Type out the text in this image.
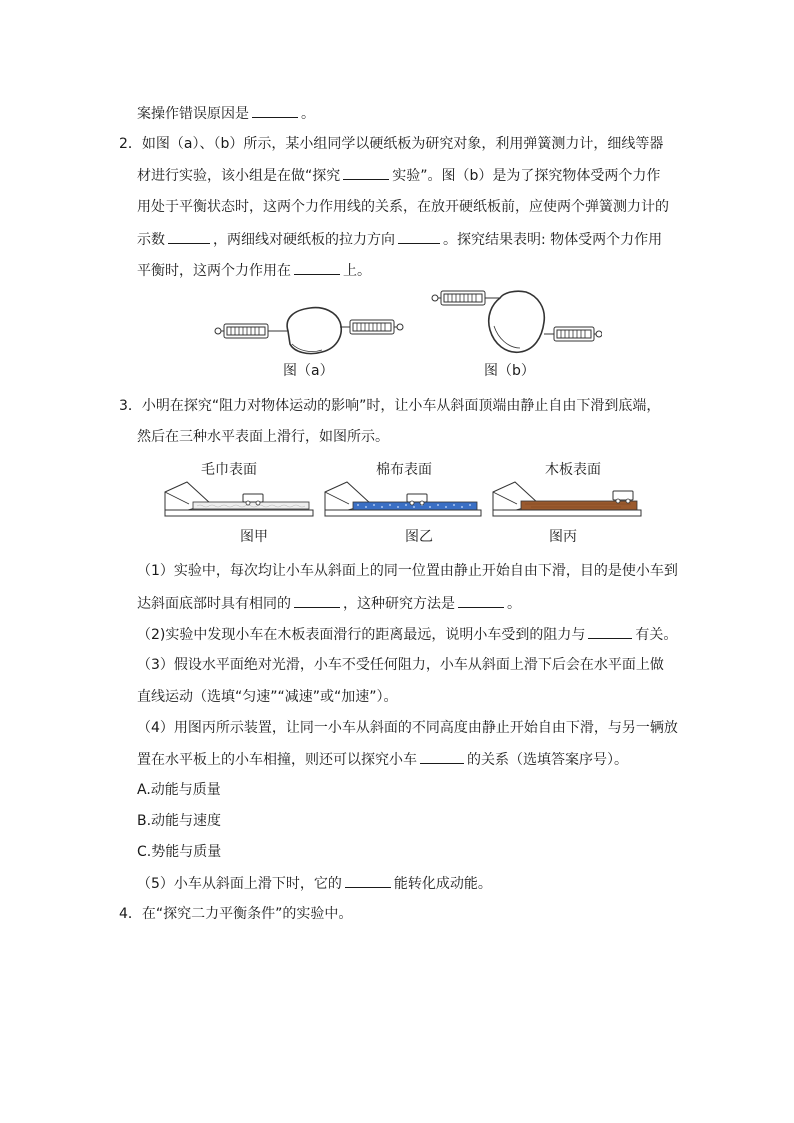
案操作错误原因是	。
2．如图（a）、（b）所示，某小组同学以硬纸板为研究对象，利用弹簧测力计，细线等器
材进行实验，该小组是在做“探究	实验”。图（b）是为了探究物体受两个力作
用处于平衡状态时，这两个力作用线的关系，在放开硬纸板前，应使两个弹簧测力计的
示数	，两细线对硬纸板的拉力方向	。探究结果表明: 物体受两个力作用
平衡时，这两个力作用在	上。
图（a）	图（b）
3．小明在探究“阻力对物体运动的影响”时，让小车从斜面顶端由静止自由下滑到底端，
然后在三种水平表面上滑行，如图所示。
毛巾表面	棉布表面	木板表面
图甲	图乙	图丙
（1）实验中，每次均让小车从斜面上的同一位置由静止开始自由下滑，目的是使小车到
达斜面底部时具有相同的	，这种研究方法是	。
（2)实验中发现小车在木板表面滑行的距离最远，说明小车受到的阻力与	有关。
（3）假设水平面绝对光滑，小车不受任何阻力，小车从斜面上滑下后会在水平面上做
直线运动（选填“匀速”“减速”或“加速”）。
（4）用图丙所示装置，让同一小车从斜面的不同高度由静止开始自由下滑，与另一辆放
置在水平板上的小车相撞，则还可以探究小车	的关系（选填答案序号）。
A.动能与质量
B.动能与速度
C.势能与质量
（5）小车从斜面上滑下时，它的	能转化成动能。
4．在“探究二力平衡条件”的实验中。
